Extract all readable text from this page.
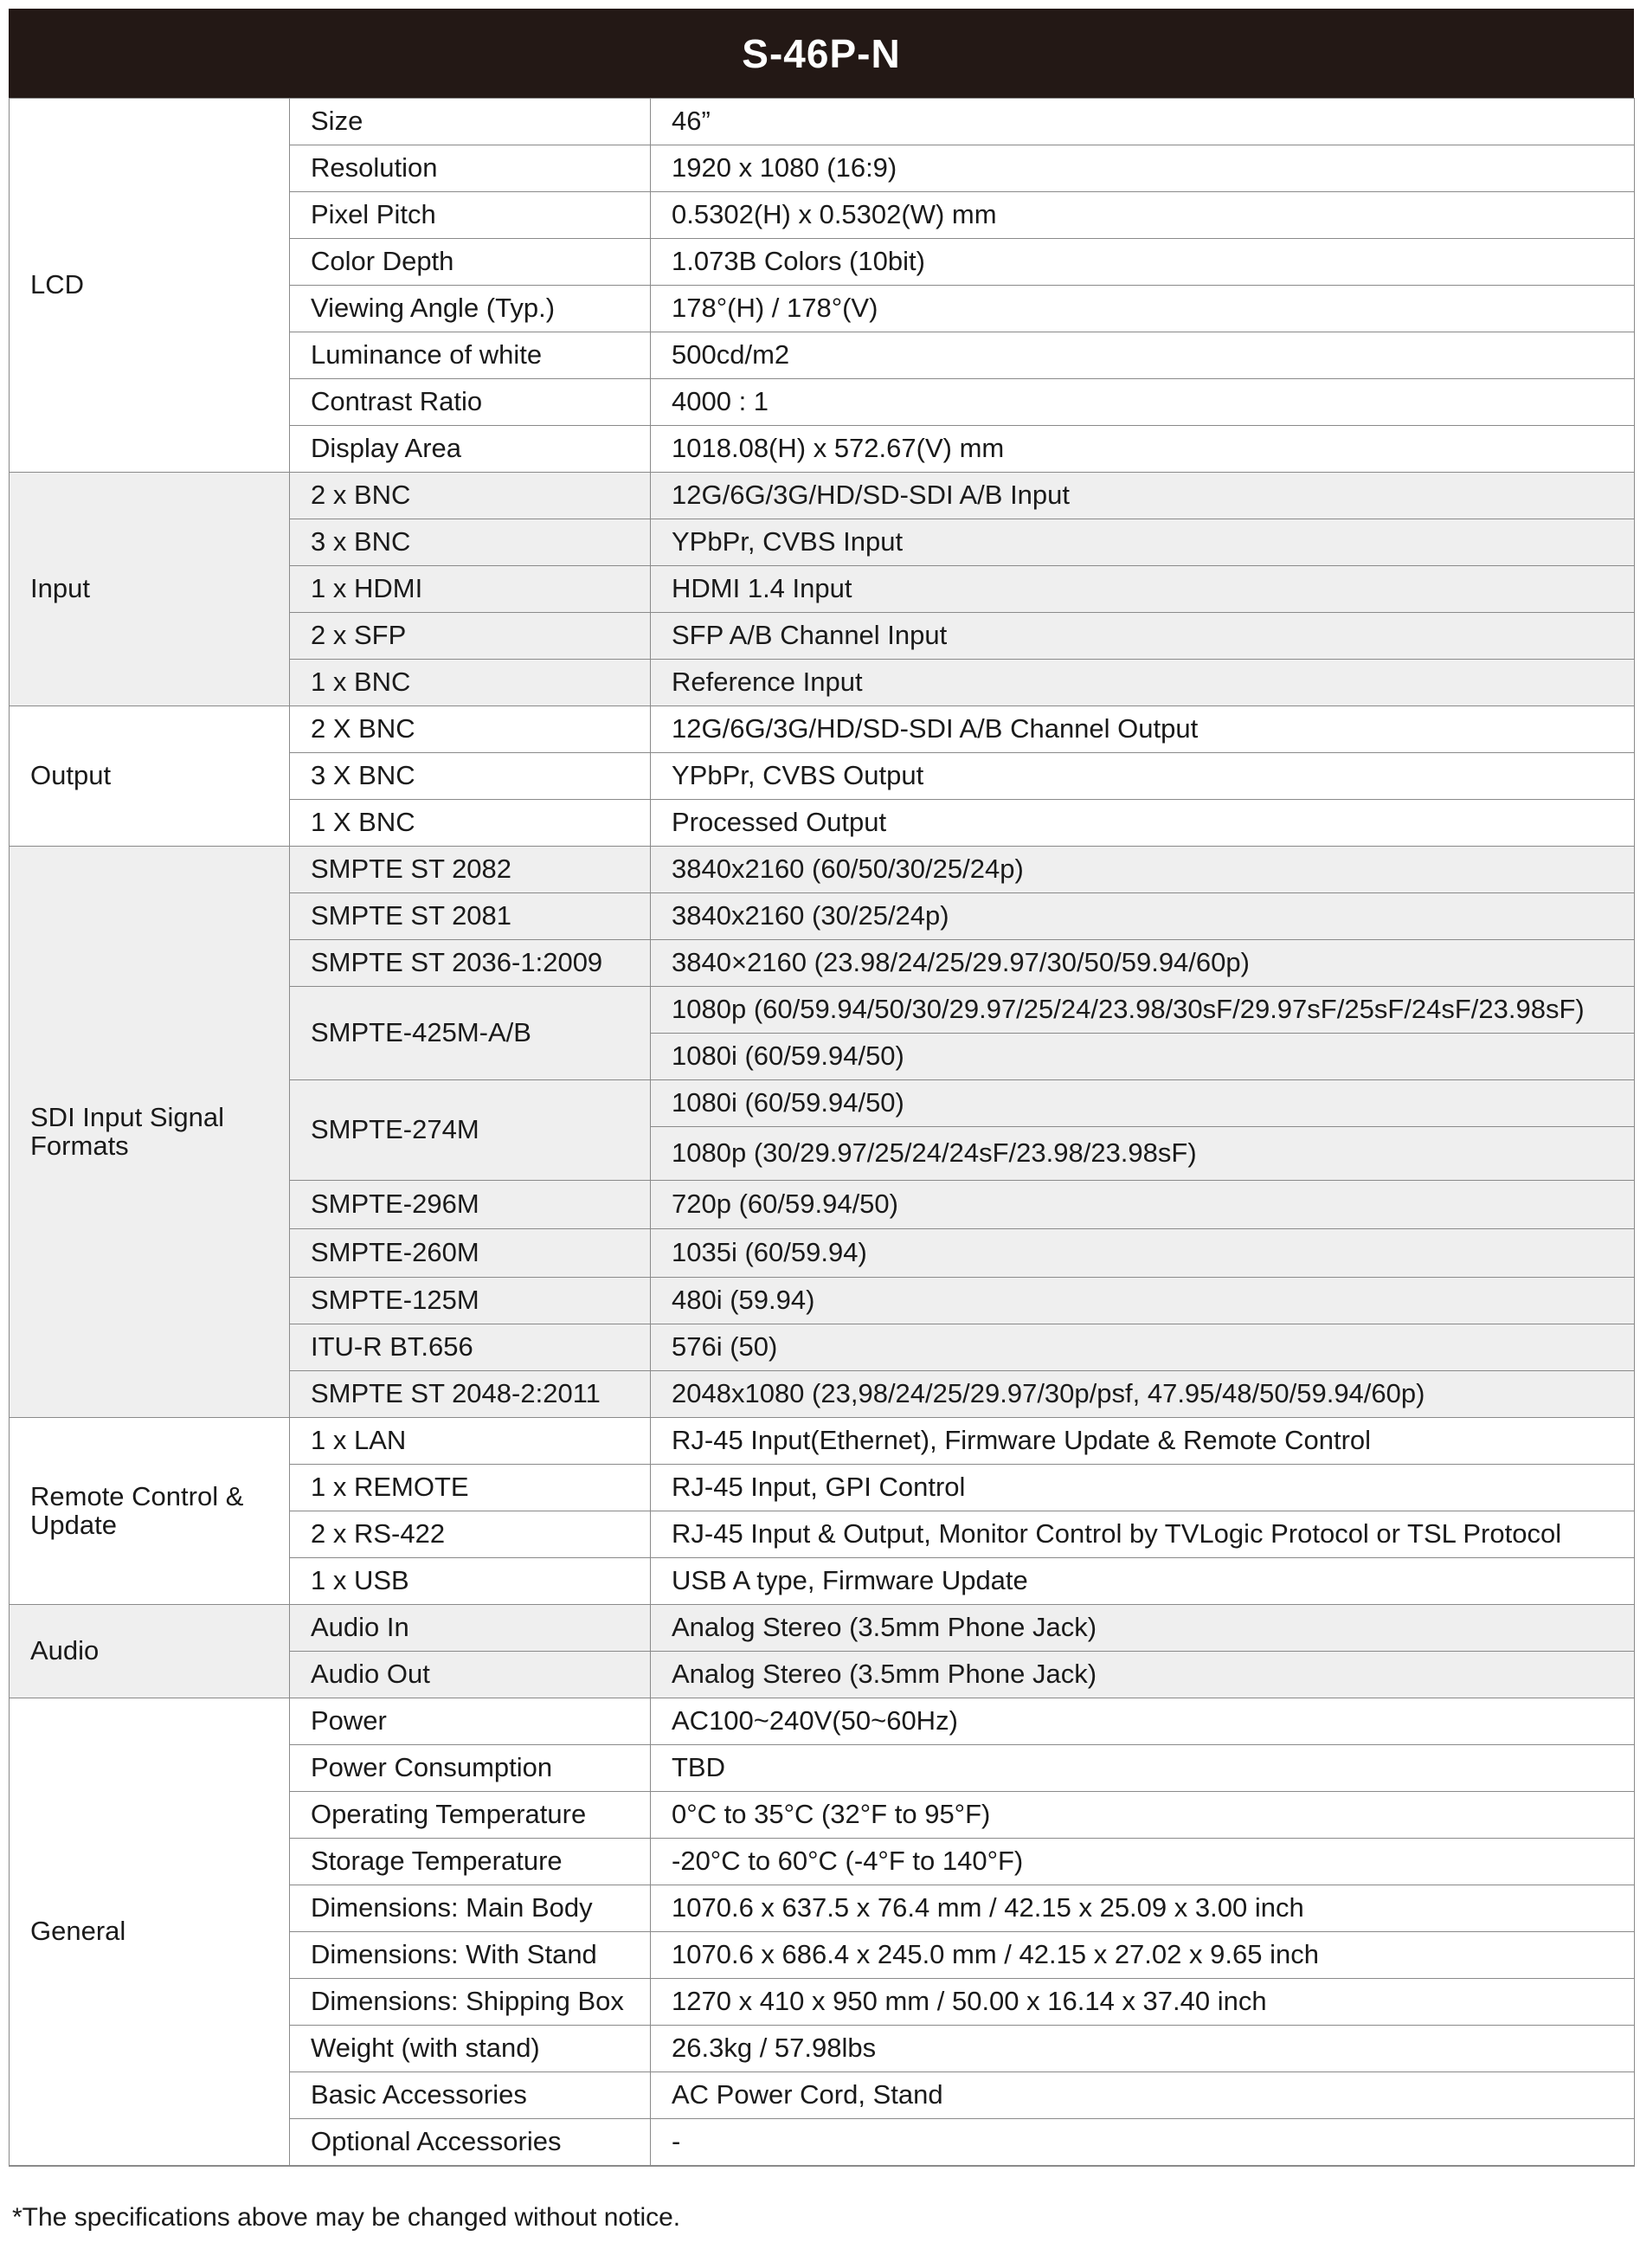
S-46P-N
LCD	Size	46”
	Resolution	1920 x 1080 (16:9)
	Pixel Pitch	0.5302(H) x 0.5302(W) mm
	Color Depth	1.073B Colors (10bit)
	Viewing Angle (Typ.)	178°(H) / 178°(V)
	Luminance of white	500cd/m2
	Contrast Ratio	4000 : 1
	Display Area	1018.08(H) x 572.67(V) mm
Input	2 x BNC	12G/6G/3G/HD/SD-SDI A/B Input
	3 x BNC	YPbPr, CVBS Input
	1 x HDMI	HDMI 1.4 Input
	2 x SFP	SFP A/B Channel Input
	1 x BNC	Reference Input
Output	2 X BNC	12G/6G/3G/HD/SD-SDI A/B Channel Output
	3 X BNC	YPbPr, CVBS Output
	1 X BNC	Processed Output
SDI Input Signal Formats	SMPTE ST 2082	3840x2160 (60/50/30/25/24p)
	SMPTE ST 2081	3840x2160 (30/25/24p)
	SMPTE ST 2036-1:2009	3840×2160 (23.98/24/25/29.97/30/50/59.94/60p)
	SMPTE-425M-A/B	1080p (60/59.94/50/30/29.97/25/24/23.98/30sF/29.97sF/25sF/24sF/23.98sF)
		1080i (60/59.94/50)
	SMPTE-274M	1080i (60/59.94/50)
		1080p (30/29.97/25/24/24sF/23.98/23.98sF)
	SMPTE-296M	720p (60/59.94/50)
	SMPTE-260M	1035i (60/59.94)
	SMPTE-125M	480i (59.94)
	ITU-R BT.656	576i (50)
	SMPTE ST 2048-2:2011	2048x1080 (23,98/24/25/29.97/30p/psf, 47.95/48/50/59.94/60p)
Remote Control & Update	1 x LAN	RJ-45 Input(Ethernet), Firmware Update & Remote Control
	1 x REMOTE	RJ-45 Input, GPI Control
	2 x RS-422	RJ-45 Input & Output, Monitor Control by TVLogic Protocol or TSL Protocol
	1 x USB	USB A type, Firmware Update
Audio	Audio In	Analog Stereo (3.5mm Phone Jack)
	Audio Out	Analog Stereo (3.5mm Phone Jack)
General	Power	AC100~240V(50~60Hz)
	Power Consumption	TBD
	Operating Temperature	0°C to 35°C (32°F to 95°F)
	Storage Temperature	-20°C to 60°C (-4°F to 140°F)
	Dimensions: Main Body	1070.6 x 637.5 x 76.4 mm / 42.15 x 25.09 x 3.00 inch
	Dimensions: With Stand	1070.6 x 686.4 x 245.0 mm / 42.15 x 27.02 x 9.65 inch
	Dimensions: Shipping Box	1270 x 410 x 950 mm / 50.00 x 16.14 x 37.40 inch
	Weight (with stand)	26.3kg / 57.98lbs
	Basic Accessories	AC Power Cord, Stand
	Optional Accessories	-
*The specifications above may be changed without notice.
